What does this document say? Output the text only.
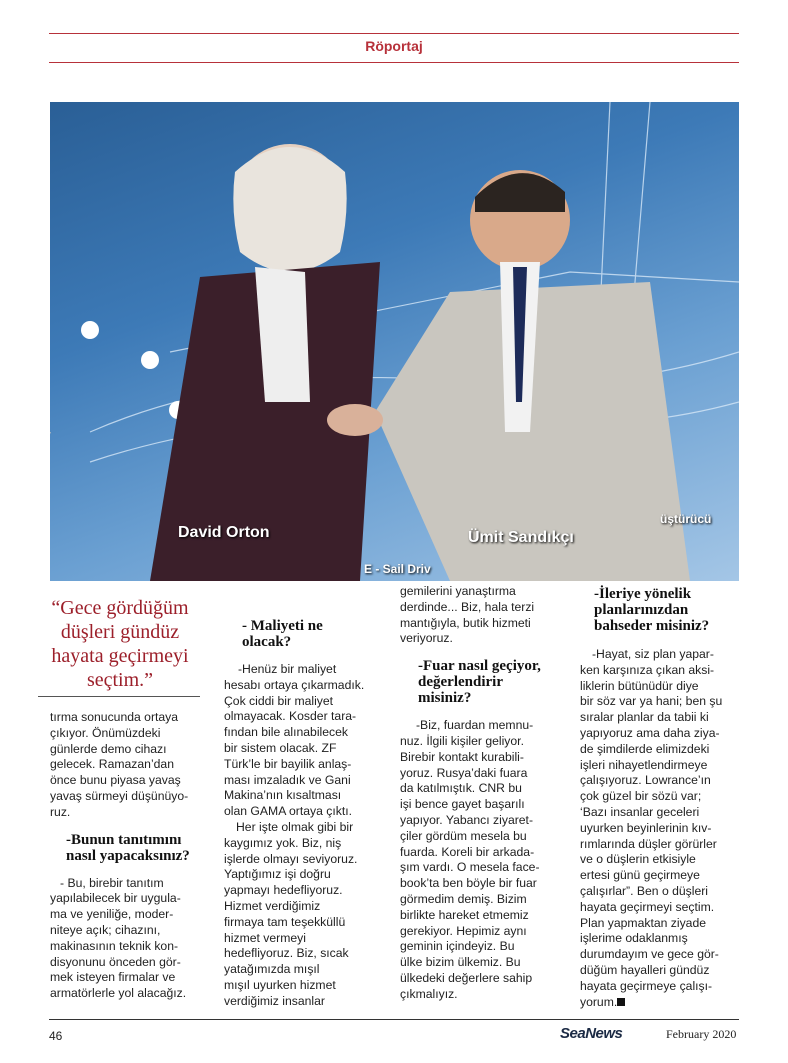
Röportaj
David Orton	Ümit Sandıkçı
E - Sail Driv
üştürücü
“Gece gördüğüm düşleri gündüz hayata geçirmeyi seçtim.”

tırma sonucunda ortaya

çıkıyor. Önümüzdeki

günlerde demo cihazı

gelecek. Ramazan’dan

önce bunu piyasa yavaş

yavaş sürmeyi düşünüyo-

ruz.

-Bunun tanıtımını

nasıl yapacaksınız?

- Bu, birebir tanıtım

yapılabilecek bir uygula-

ma ve yeniliğe, moder-

niteye açık; cihazını,

makinasının teknik kon-

disyonunu önceden gör-

mek isteyen firmalar ve

armatörlerle yol alacağız.

- Maliyeti ne

olacak?

-Henüz bir maliyet

hesabı ortaya çıkarmadık.

Çok ciddi bir maliyet

olmayacak. Kosder tara-

fından bile alınabilecek

bir sistem olacak. ZF

Türk’le bir bayilik anlaş-

ması imzaladık ve Gani

Makina’nın kısaltması

olan GAMA ortaya çıktı.

Her işte olmak gibi bir

kaygımız yok. Biz, niş

işlerde olmayı seviyoruz.

Yaptığımız işi doğru

yapmayı hedefliyoruz.

Hizmet verdiğimiz

firmaya tam teşekküllü

hizmet vermeyi

hedefliyoruz. Biz, sıcak

yatağımızda mışıl

mışıl uyurken hizmet

verdiğimiz insanlar

gemilerini yanaştırma

derdinde... Biz, hala terzi

mantığıyla, butik hizmeti

veriyoruz.

-Fuar nasıl geçiyor,

değerlendirir

misiniz?

-Biz, fuardan memnu-

nuz. İlgili kişiler geliyor.

Birebir kontakt kurabili-

yoruz. Rusya’daki fuara

da katılmıştık. CNR bu

işi bence gayet başarılı

yapıyor. Yabancı ziyaret-

çiler gördüm mesela bu

fuarda. Koreli bir arkada-

şım vardı. O mesela face-

book’ta ben böyle bir fuar

görmedim demiş. Bizim

birlikte hareket etmemiz

gerekiyor. Hepimiz aynı

geminin içindeyiz. Bu

ülke bizim ülkemiz. Bu

ülkedeki değerlere sahip

çıkmalıyız.

-İleriye yönelik

planlarınızdan

bahseder misiniz?

-Hayat, siz plan yapar-

ken karşınıza çıkan aksi-

liklerin bütünüdür diye

bir söz var ya hani; ben şu

sıralar planlar da tabii ki

yapıyoruz ama daha ziya-

de şimdilerde elimizdeki

işleri nihayetlendirmeye

çalışıyoruz. Lowrance’ın

çok güzel bir sözü var;

‘Bazı insanlar geceleri

uyurken beyinlerinin kıv-

rımlarında düşler görürler

ve o düşlerin etkisiyle

ertesi günü geçirmeye

çalışırlar”. Ben o düşleri

hayata geçirmeyi seçtim.

Plan yapmaktan ziyade

işlerime odaklanmış

durumdayım ve gece gör-

düğüm hayalleri gündüz

hayata geçirmeye çalışı-

yorum.

46	SeaNews	February 2020
